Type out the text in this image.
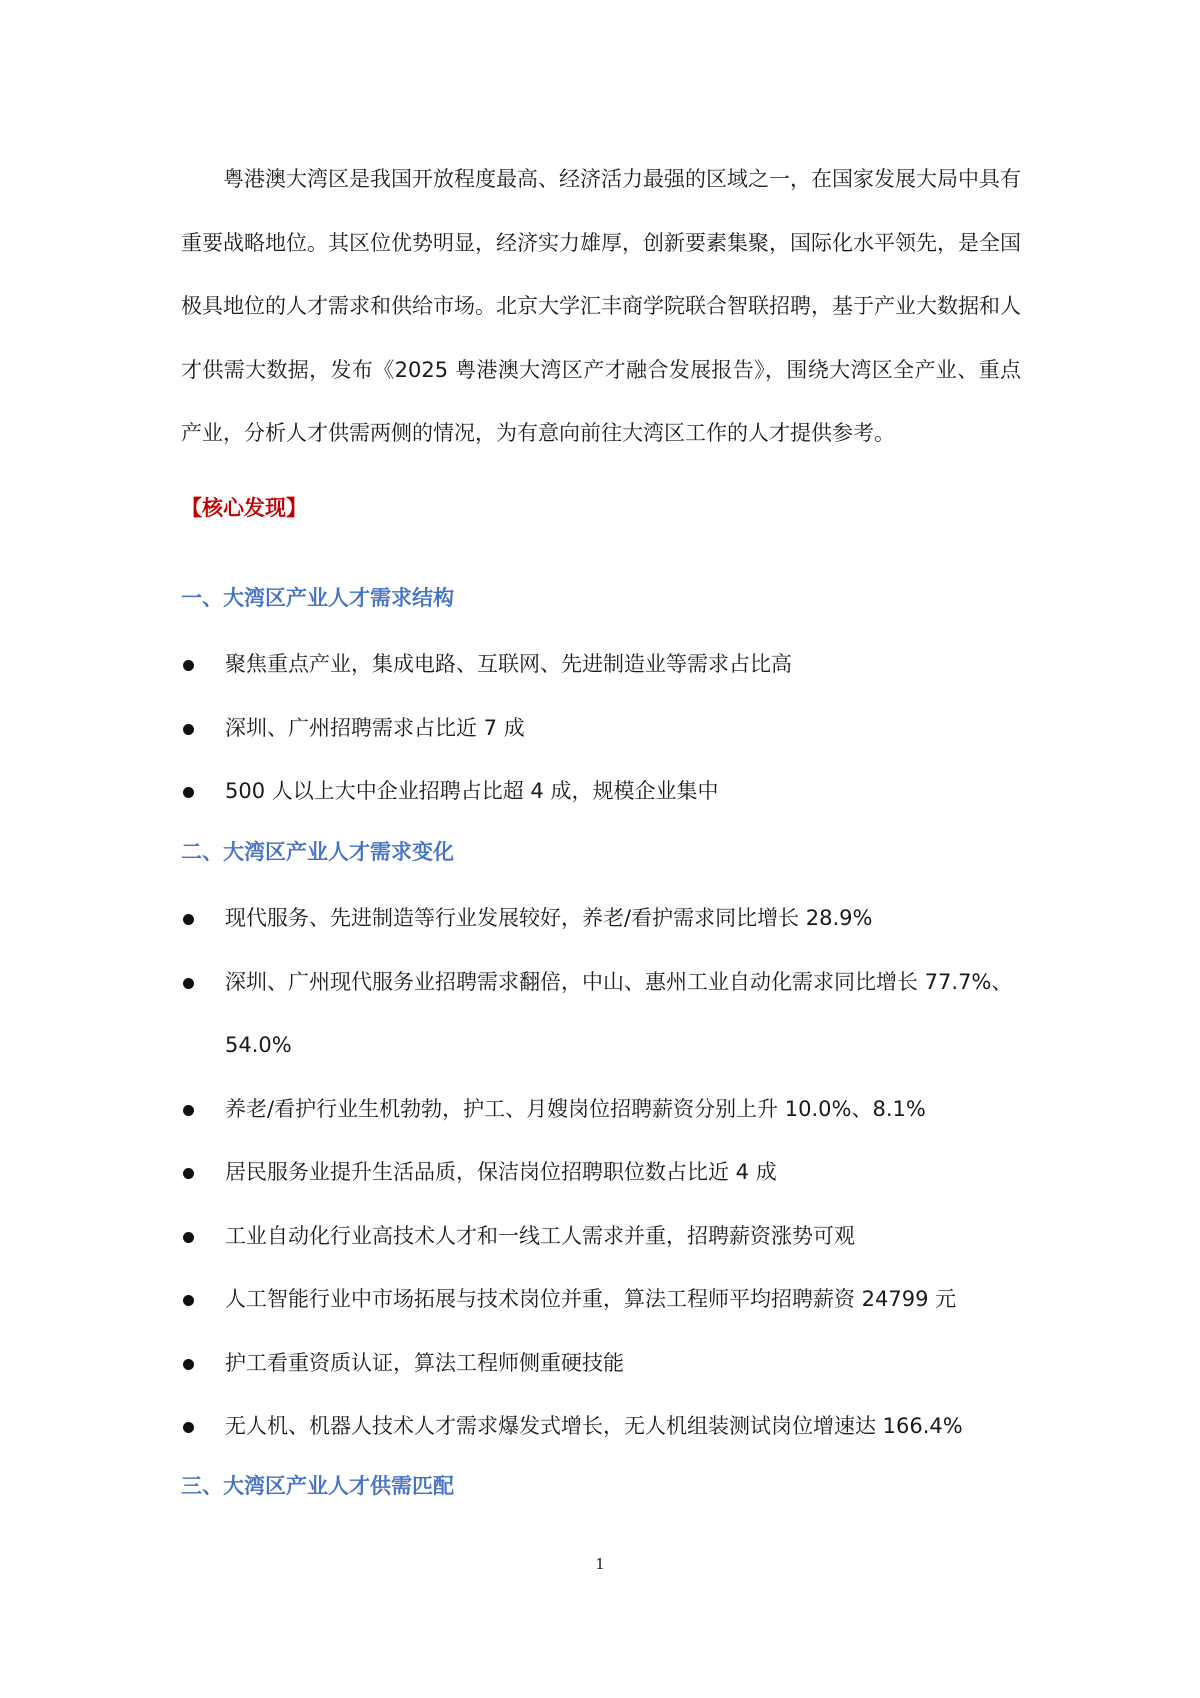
粤港澳大湾区是我国开放程度最高、经济活力最强的区域之一，在国家发展大局中具有重要战略地位。其区位优势明显，经济实力雄厚，创新要素集聚，国际化水平领先，是全国极具地位的人才需求和供给市场。北京大学汇丰商学院联合智联招聘，基于产业大数据和人才供需大数据，发布《2025 粤港澳大湾区产才融合发展报告》，围绕大湾区全产业、重点产业，分析人才供需两侧的情况，为有意向前往大湾区工作的人才提供参考。

【核心发现】

一、大湾区产业人才需求结构
聚焦重点产业，集成电路、互联网、先进制造业等需求占比高
深圳、广州招聘需求占比近 7 成
500 人以上大中企业招聘占比超 4 成，规模企业集中
二、大湾区产业人才需求变化
现代服务、先进制造等行业发展较好，养老/看护需求同比增长 28.9%
深圳、广州现代服务业招聘需求翻倍，中山、惠州工业自动化需求同比增长 77.7%、54.0%
养老/看护行业生机勃勃，护工、月嫂岗位招聘薪资分别上升 10.0%、8.1%
居民服务业提升生活品质，保洁岗位招聘职位数占比近 4 成
工业自动化行业高技术人才和一线工人需求并重，招聘薪资涨势可观
人工智能行业中市场拓展与技术岗位并重，算法工程师平均招聘薪资 24799 元
护工看重资质认证，算法工程师侧重硬技能
无人机、机器人技术人才需求爆发式增长，无人机组装测试岗位增速达 166.4%
三、大湾区产业人才供需匹配
1
